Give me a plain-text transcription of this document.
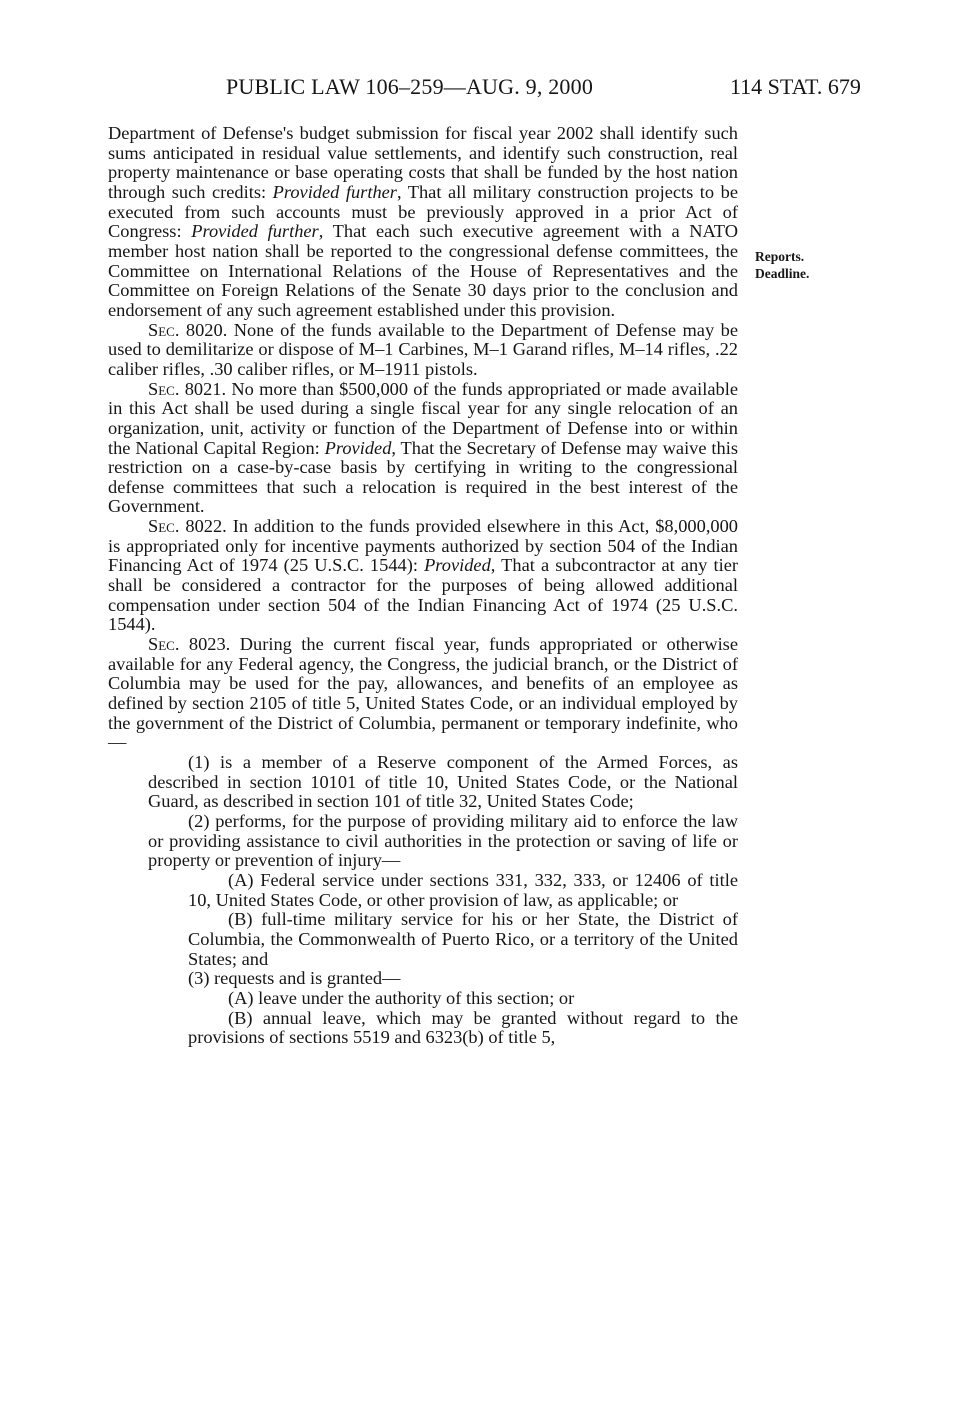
PUBLIC LAW 106–259—AUG. 9, 2000	114 STAT. 679
Reports.
Deadline.

Department of Defense's budget submission for fiscal year 2002 shall identify such sums anticipated in residual value settlements, and identify such construction, real property maintenance or base operating costs that shall be funded by the host nation through such credits: Provided further, That all military construction projects to be executed from such accounts must be previously approved in a prior Act of Congress: Provided further, That each such executive agreement with a NATO member host nation shall be reported to the congressional defense committees, the Committee on International Relations of the House of Representatives and the Committee on Foreign Relations of the Senate 30 days prior to the conclusion and endorsement of any such agreement established under this provision.

Sec. 8020. None of the funds available to the Department of Defense may be used to demilitarize or dispose of M–1 Carbines, M–1 Garand rifles, M–14 rifles, .22 caliber rifles, .30 caliber rifles, or M–1911 pistols.

Sec. 8021. No more than $500,000 of the funds appropriated or made available in this Act shall be used during a single fiscal year for any single relocation of an organization, unit, activity or function of the Department of Defense into or within the National Capital Region: Provided, That the Secretary of Defense may waive this restriction on a case-by-case basis by certifying in writing to the congressional defense committees that such a relocation is required in the best interest of the Government.

Sec. 8022. In addition to the funds provided elsewhere in this Act, $8,000,000 is appropriated only for incentive payments authorized by section 504 of the Indian Financing Act of 1974 (25 U.S.C. 1544): Provided, That a subcontractor at any tier shall be considered a contractor for the purposes of being allowed additional compensation under section 504 of the Indian Financing Act of 1974 (25 U.S.C. 1544).

Sec. 8023. During the current fiscal year, funds appropriated or otherwise available for any Federal agency, the Congress, the judicial branch, or the District of Columbia may be used for the pay, allowances, and benefits of an employee as defined by section 2105 of title 5, United States Code, or an individual employed by the government of the District of Columbia, permanent or temporary indefinite, who—

(1) is a member of a Reserve component of the Armed Forces, as described in section 10101 of title 10, United States Code, or the National Guard, as described in section 101 of title 32, United States Code;

(2) performs, for the purpose of providing military aid to enforce the law or providing assistance to civil authorities in the protection or saving of life or property or prevention of injury—

(A) Federal service under sections 331, 332, 333, or 12406 of title 10, United States Code, or other provision of law, as applicable; or

(B) full-time military service for his or her State, the District of Columbia, the Commonwealth of Puerto Rico, or a territory of the United States; and

(3) requests and is granted—

(A) leave under the authority of this section; or

(B) annual leave, which may be granted without regard to the provisions of sections 5519 and 6323(b) of title 5,
